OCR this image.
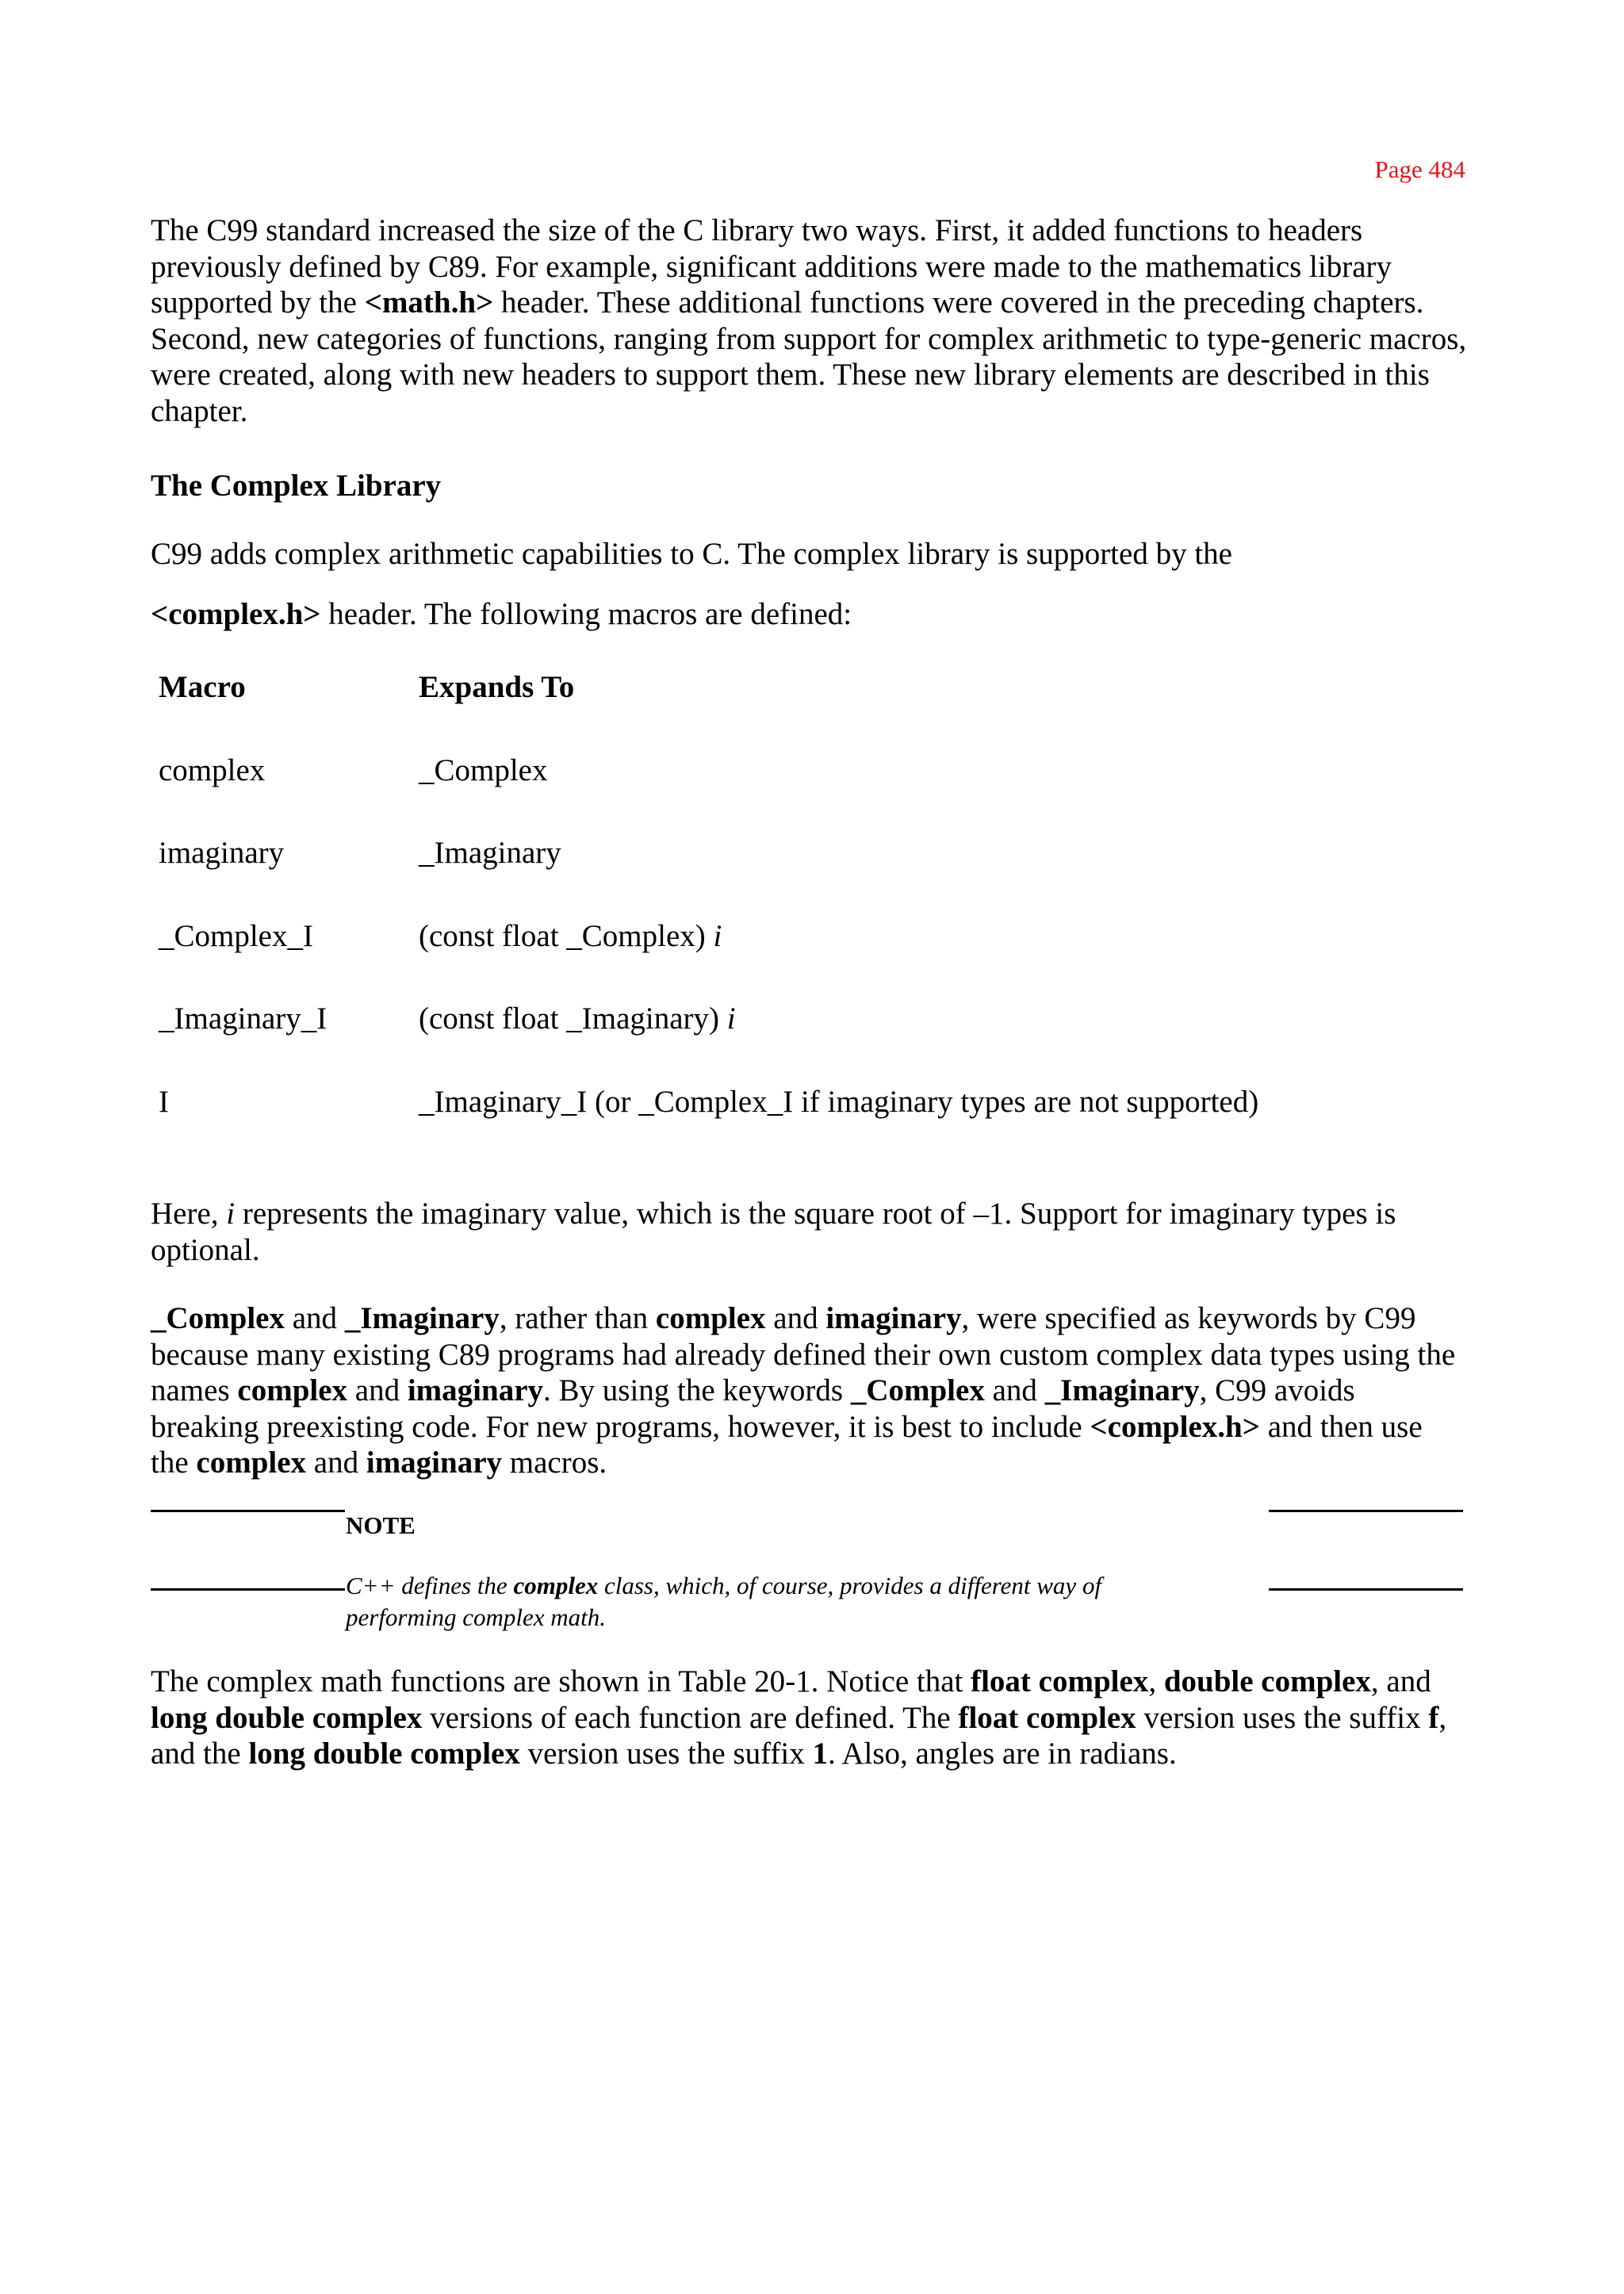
Page 484

The C99 standard increased the size of the C library two ways. First, it added functions to headers previously defined by C89. For example, significant additions were made to the mathematics library supported by the <math.h> header. These additional functions were covered in the preceding chapters. Second, new categories of functions, ranging from support for complex arithmetic to type-generic macros, were created, along with new headers to support them. These new library elements are described in this chapter.

The Complex Library

C99 adds complex arithmetic capabilities to C. The complex library is supported by the

<complex.h> header. The following macros are defined:

Macro	Expands To
complex	_Complex
imaginary	_Imaginary
_Complex_I	(const float _Complex) i
_Imaginary_I	(const float _Imaginary) i
I	_Imaginary_I (or _Complex_I if imaginary types are not supported)

Here, i represents the imaginary value, which is the square root of –1. Support for imaginary types is optional.

_Complex and _Imaginary, rather than complex and imaginary, were specified as keywords by C99 because many existing C89 programs had already defined their own custom complex data types using the names complex and imaginary. By using the keywords _Complex and _Imaginary, C99 avoids breaking preexisting code. For new programs, however, it is best to include <complex.h> and then use the complex and imaginary macros.

NOTE
C++ defines the complex class, which, of course, provides a different way of performing complex math.

The complex math functions are shown in Table 20-1. Notice that float complex, double complex, and long double complex versions of each function are defined. The float complex version uses the suffix f, and the long double complex version uses the suffix 1. Also, angles are in radians.
